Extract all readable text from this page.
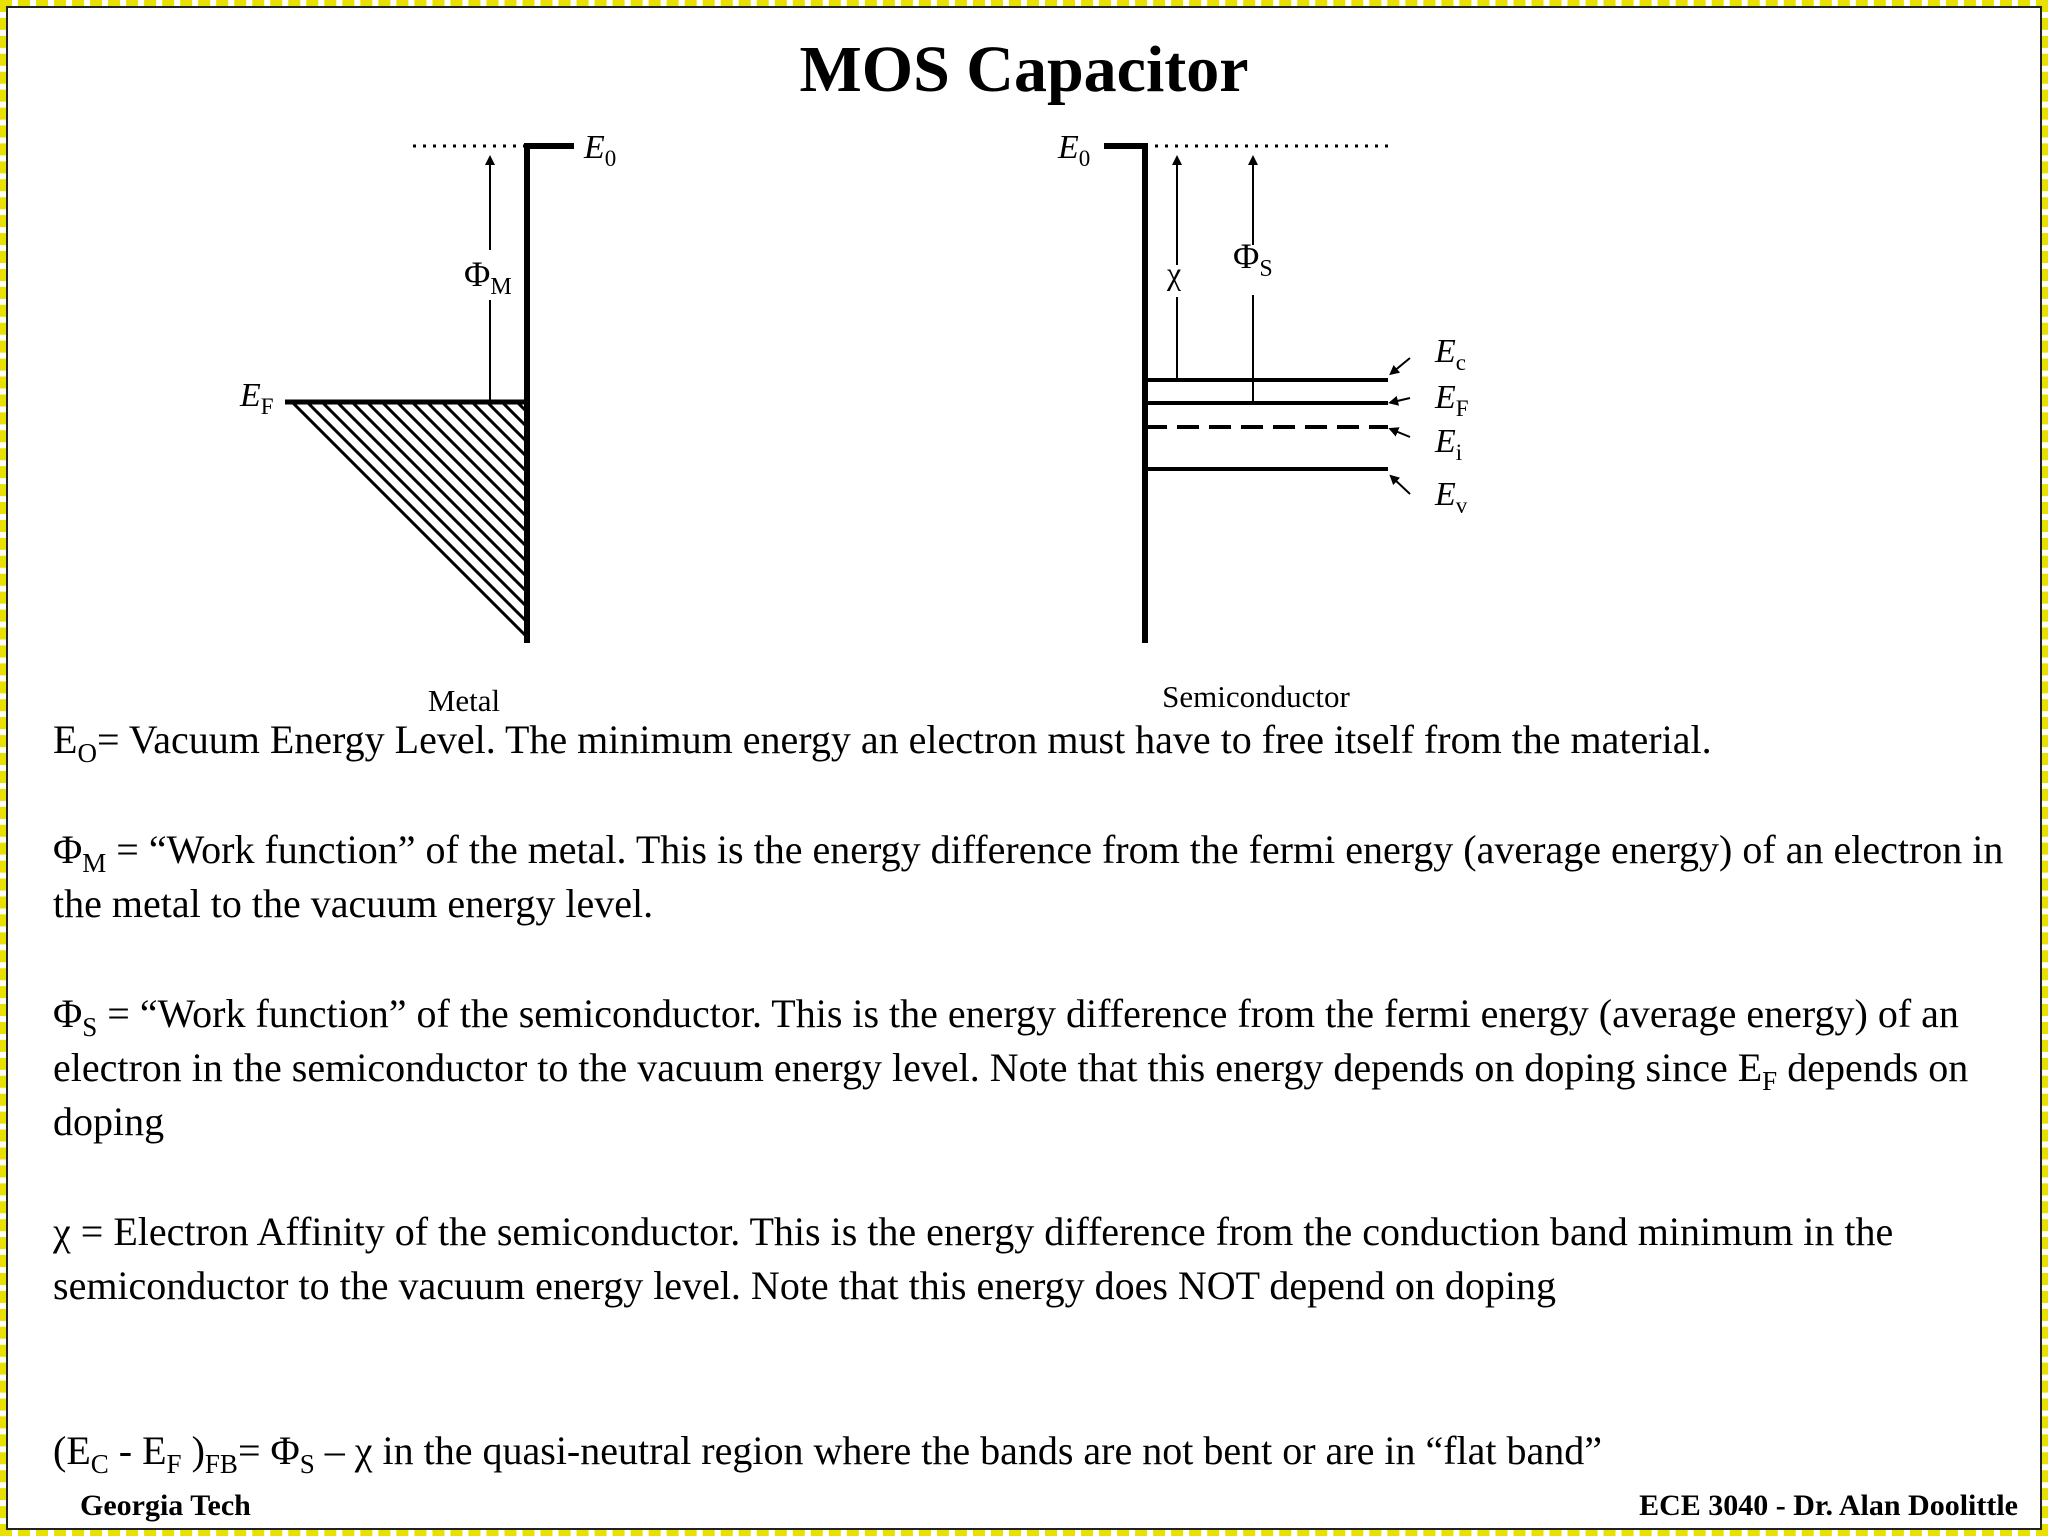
MOS Capacitor
$\Phi_M$
$E_0$
$E_F$
χ $\Phi_S$
$E_0$
$E_c$
$E_F$
$E_i$
$E_v$
Metal	Semiconductor
$E_O=$ Vacuum Energy Level. The minimum energy an electron must have to free itself from the material.
$\Phi_M$ = “Work function” of the metal. This is the energy difference from the fermi energy (average energy) of an electron in the metal to the vacuum energy level.
$\Phi_S$ = “Work function” of the semiconductor. This is the energy difference from the fermi energy (average energy) of an electron in the semiconductor to the vacuum energy level. Note that this energy depends on doping since $E_F$ depends on doping
χ = Electron Affinity of the semiconductor. This is the energy difference from the conduction band minimum in the semiconductor to the vacuum energy level. Note that this energy does NOT depend on doping
($E_C - E_F$ )$_{FB}= \Phi_S - \chi$ in the quasi-neutral region where the bands are not bent or are in “flat band”
Georgia Tech	ECE 3040 - Dr. Alan Doolittle
